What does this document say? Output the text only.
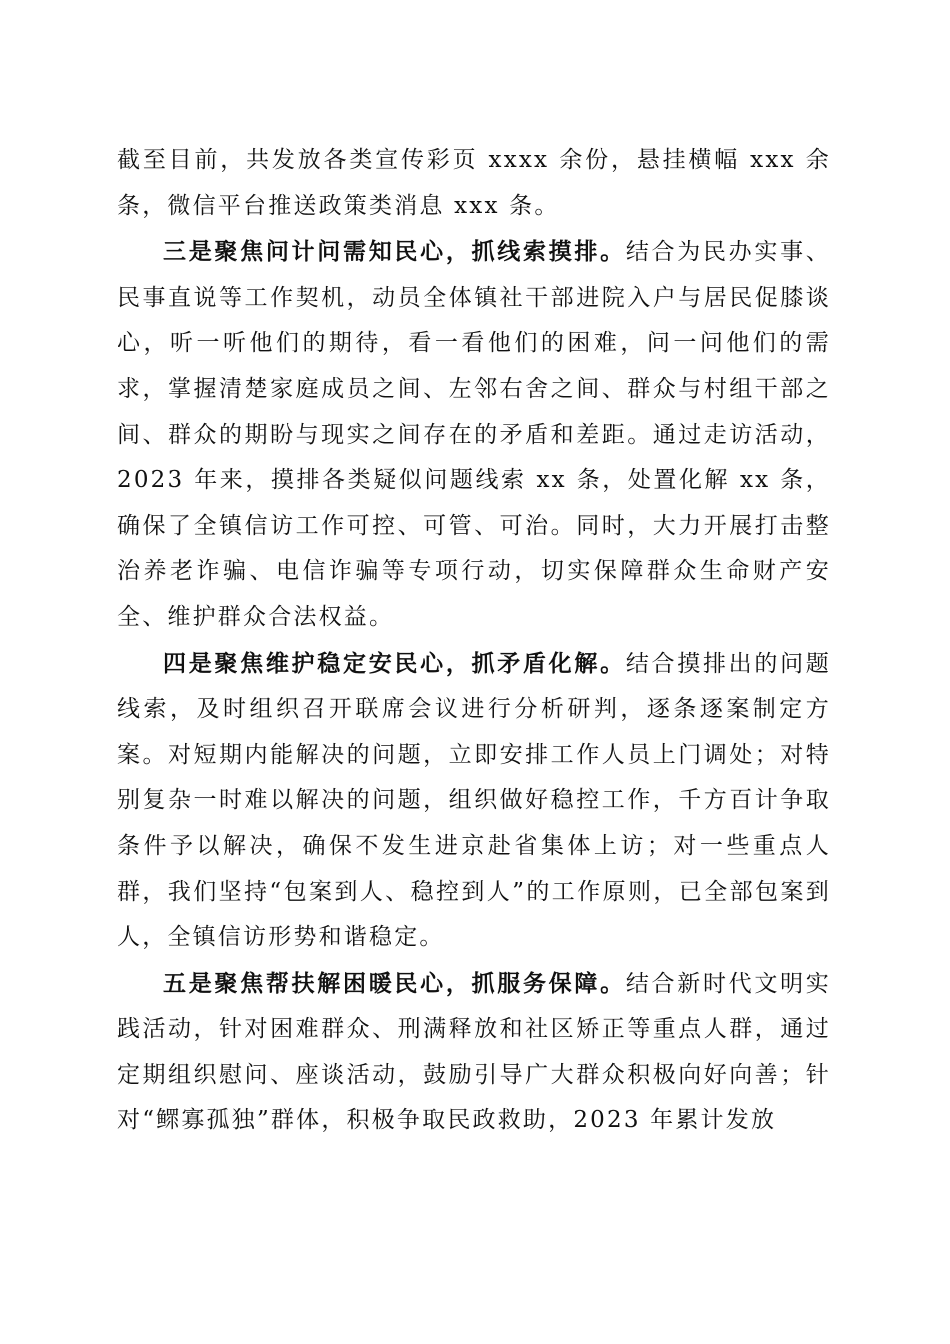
截至目前，共发放各类宣传彩页 xxxx 余份，悬挂横幅 xxx 余条，微信平台推送政策类消息 xxx 条。

三是聚焦问计问需知民心，抓线索摸排。结合为民办实事、民事直说等工作契机，动员全体镇社干部进院入户与居民促膝谈心，听一听他们的期待，看一看他们的困难，问一问他们的需求，掌握清楚家庭成员之间、左邻右舍之间、群众与村组干部之间、群众的期盼与现实之间存在的矛盾和差距。通过走访活动，2023 年来，摸排各类疑似问题线索 xx 条，处置化解 xx 条，确保了全镇信访工作可控、可管、可治。同时，大力开展打击整治养老诈骗、电信诈骗等专项行动，切实保障群众生命财产安全、维护群众合法权益。

四是聚焦维护稳定安民心，抓矛盾化解。结合摸排出的问题线索，及时组织召开联席会议进行分析研判，逐条逐案制定方案。对短期内能解决的问题，立即安排工作人员上门调处；对特别复杂一时难以解决的问题，组织做好稳控工作，千方百计争取条件予以解决，确保不发生进京赴省集体上访；对一些重点人群，我们坚持“包案到人、稳控到人”的工作原则，已全部包案到人，全镇信访形势和谐稳定。

五是聚焦帮扶解困暖民心，抓服务保障。结合新时代文明实践活动，针对困难群众、刑满释放和社区矫正等重点人群，通过定期组织慰问、座谈活动，鼓励引导广大群众积极向好向善；针对“鳏寡孤独”群体，积极争取民政救助，2023 年累计发放
